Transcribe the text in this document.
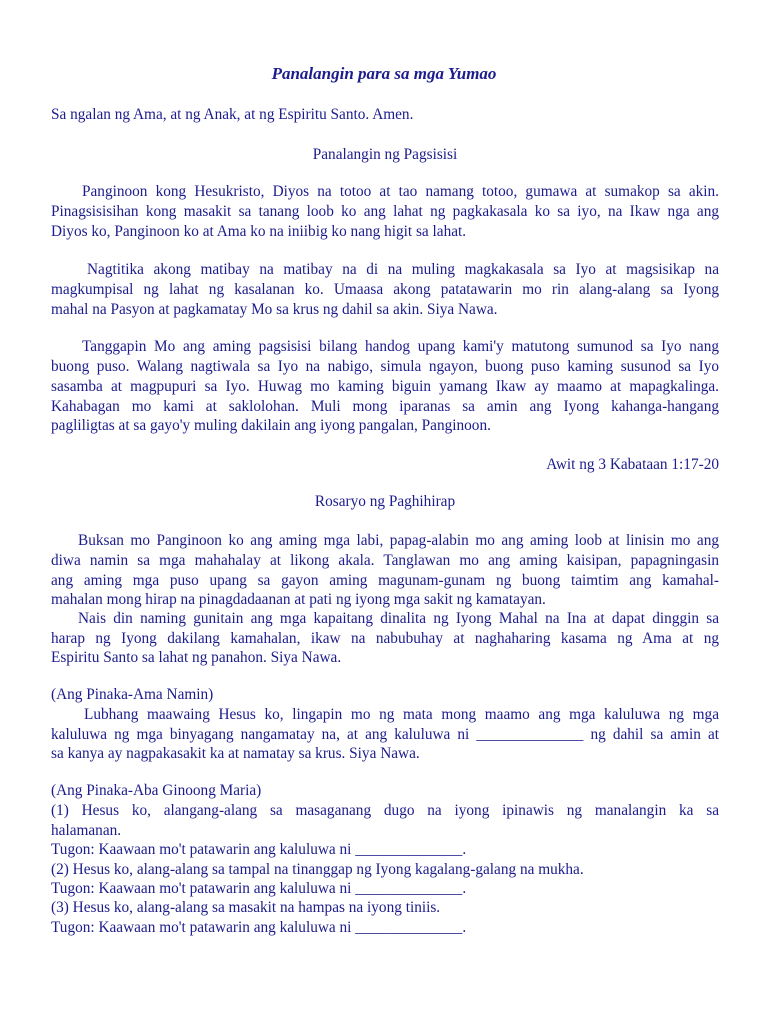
Panalangin para sa mga Yumao
Sa ngalan ng Ama, at ng Anak, at ng Espiritu Santo. Amen.
Panalangin ng Pagsisisi
Panginoon kong Hesukristo, Diyos na totoo at tao namang totoo, gumawa at sumakop sa akin.
Pinagsisisihan kong masakit sa tanang loob ko ang lahat ng pagkakasala ko sa iyo, na Ikaw nga ang
Diyos ko, Panginoon ko at Ama ko na iniibig ko nang higit sa lahat.
Nagtitika akong matibay na matibay na di na muling magkakasala sa Iyo at magsisikap na
magkumpisal ng lahat ng kasalanan ko. Umaasa akong patatawarin mo rin alang-alang sa Iyong
mahal na Pasyon at pagkamatay Mo sa krus ng dahil sa akin. Siya Nawa.
Tanggapin Mo ang aming pagsisisi bilang handog upang kami'y matutong sumunod sa Iyo nang
buong puso. Walang nagtiwala sa Iyo na nabigo, simula ngayon, buong puso kaming susunod sa Iyo
sasamba at magpupuri sa Iyo. Huwag mo kaming biguin yamang Ikaw ay maamo at mapagkalinga.
Kahabagan mo kami at saklolohan. Muli mong iparanas sa amin ang Iyong kahanga-hangang
pagliligtas at sa gayo'y muling dakilain ang iyong pangalan, Panginoon.
Awit ng 3 Kabataan 1:17-20
Rosaryo ng Paghihirap
Buksan mo Panginoon ko ang aming mga labi, papag-alabin mo ang aming loob at linisin mo ang
diwa namin sa mga mahahalay at likong akala. Tanglawan mo ang aming kaisipan, papagningasin
ang aming mga puso upang sa gayon aming magunam-gunam ng buong taimtim ang kamahal-
mahalan mong hirap na pinagdadaanan at pati ng iyong mga sakit ng kamatayan.
Nais din naming gunitain ang mga kapaitang dinalita ng Iyong Mahal na Ina at dapat dinggin sa
harap ng Iyong dakilang kamahalan, ikaw na nabubuhay at naghaharing kasama ng Ama at ng
Espiritu Santo sa lahat ng panahon. Siya Nawa.
(Ang Pinaka-Ama Namin)
Lubhang maawaing Hesus ko, lingapin mo ng mata mong maamo ang mga kaluluwa ng mga
kaluluwa ng mga binyagang nangamatay na, at ang kaluluwa ni ______________ ng dahil sa amin at
sa kanya ay nagpakasakit ka at namatay sa krus. Siya Nawa.
(Ang Pinaka-Aba Ginoong Maria)
(1) Hesus ko, alangang-alang sa masaganang dugo na iyong ipinawis ng manalangin ka sa
halamanan.
Tugon: Kaawaan mo't patawarin ang kaluluwa ni ______________.
(2) Hesus ko, alang-alang sa tampal na tinanggap ng Iyong kagalang-galang na mukha.
Tugon: Kaawaan mo't patawarin ang kaluluwa ni ______________.
(3) Hesus ko, alang-alang sa masakit na hampas na iyong tiniis.
Tugon: Kaawaan mo't patawarin ang kaluluwa ni ______________.
